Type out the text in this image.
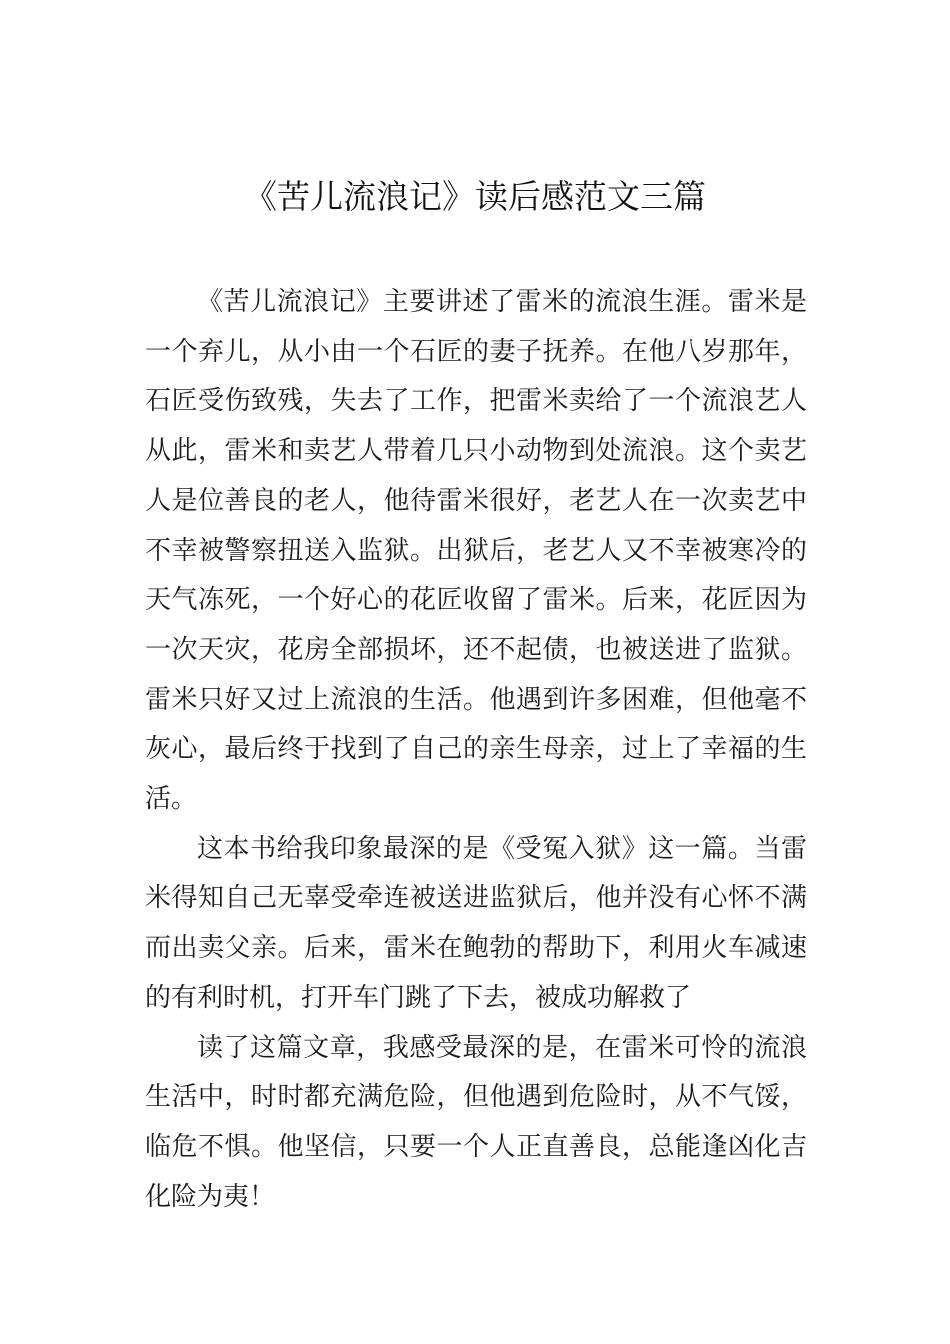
《苦儿流浪记》读后感范文三篇

《苦儿流浪记》主要讲述了雷米的流浪生涯。雷米是一个弃儿，从小由一个石匠的妻子抚养。在他八岁那年，石匠受伤致残，失去了工作，把雷米卖给了一个流浪艺人从此，雷米和卖艺人带着几只小动物到处流浪。这个卖艺人是位善良的老人，他待雷米很好，老艺人在一次卖艺中不幸被警察扭送入监狱。出狱后，老艺人又不幸被寒冷的天气冻死，一个好心的花匠收留了雷米。后来，花匠因为一次天灾，花房全部损坏，还不起债，也被送进了监狱。雷米只好又过上流浪的生活。他遇到许多困难，但他毫不灰心，最后终于找到了自己的亲生母亲，过上了幸福的生活。

这本书给我印象最深的是《受冤入狱》这一篇。当雷米得知自己无辜受牵连被送进监狱后，他并没有心怀不满而出卖父亲。后来，雷米在鲍勃的帮助下，利用火车减速的有利时机，打开车门跳了下去，被成功解救了

读了这篇文章，我感受最深的是，在雷米可怜的流浪生活中，时时都充满危险，但他遇到危险时，从不气馁，临危不惧。他坚信，只要一个人正直善良，总能逢凶化吉化险为夷！
